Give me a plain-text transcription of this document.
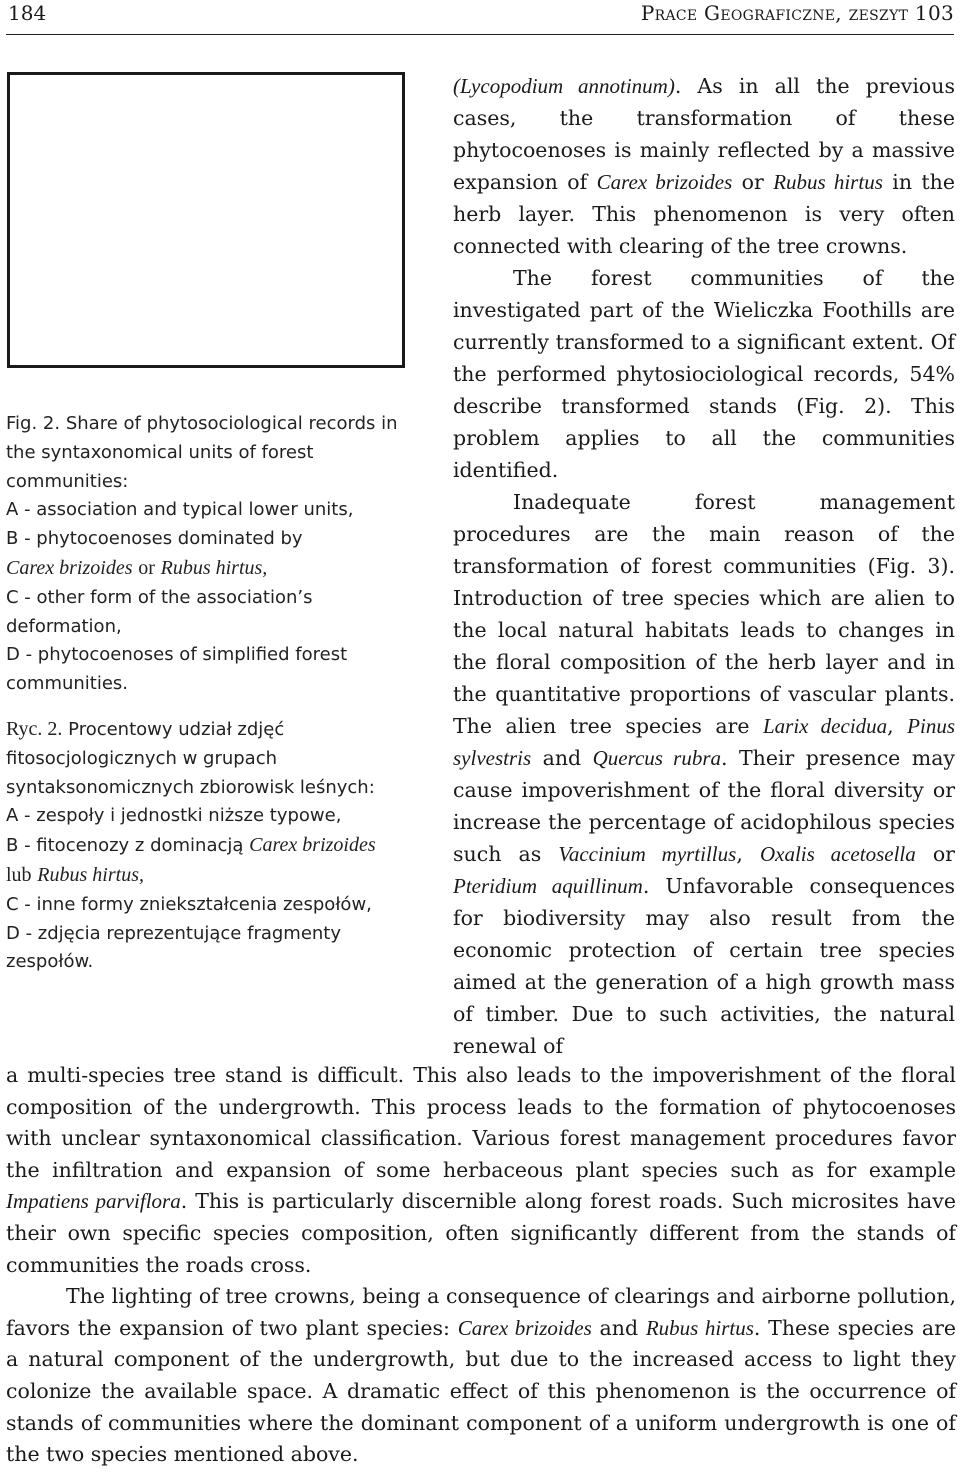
184	Prace Geograficzne, zeszyt 103

Fig. 2. Share of phytosociological records in the syntaxonomical units of forest communities:

A - association and typical lower units,

B - phytocoenoses dominated by
Carex brizoides or Rubus hirtus,

C - other form of the association’s deformation,

D - phytocoenoses of simplified forest communities.

Ryc. 2. Procentowy udział zdjęć fitosocjologicznych w grupach syntaksonomicznych zbiorowisk leśnych:

A - zespoły i jednostki niższe typowe,

B - fitocenozy z dominacją Carex brizoides lub Rubus hirtus,

C - inne formy zniekształcenia zespołów,

D - zdjęcia reprezentujące fragmenty zespołów.

(Lycopodium annotinum). As in all the previous cases, the transformation of these phytocoenoses is mainly reflected by a massive expansion of Carex brizoides or Rubus hirtus in the herb layer. This phenomenon is very often connected with clearing of the tree crowns.

The forest communities of the investigated part of the Wieliczka Foothills are currently transformed to a significant extent. Of the performed phytosiociological records, 54% describe transformed stands (Fig. 2). This problem applies to all the communities identified.

Inadequate forest management procedures are the main reason of the transformation of forest communities (Fig. 3). Introduction of tree species which are alien to the local natural habitats leads to changes in the floral composition of the herb layer and in the quantitative proportions of vascular plants. The alien tree species are Larix decidua, Pinus sylvestris and Quercus rubra. Their presence may cause impoverishment of the floral diversity or increase the percentage of acidophilous species such as Vaccinium myrtillus, Oxalis acetosella or Pteridium aquillinum. Unfavorable consequences for biodiversity may also result from the economic protection of certain tree species aimed at the generation of a high growth mass of timber. Due to such activities, the natural renewal of

a multi-species tree stand is difficult. This also leads to the impoverishment of the floral composition of the undergrowth. This process leads to the formation of phytocoenoses with unclear syntaxonomical classification. Various forest management procedures favor the infiltration and expansion of some herbaceous plant species such as for example Impatiens parviflora. This is particularly discernible along forest roads. Such microsites have their own specific species composition, often significantly different from the stands of communities the roads cross.

The lighting of tree crowns, being a consequence of clearings and airborne pollution, favors the expansion of two plant species: Carex brizoides and Rubus hirtus. These species are a natural component of the undergrowth, but due to the increased access to light they colonize the available space. A dramatic effect of this phenomenon is the occurrence of stands of communities where the dominant component of a uniform undergrowth is one of the two species mentioned above.
